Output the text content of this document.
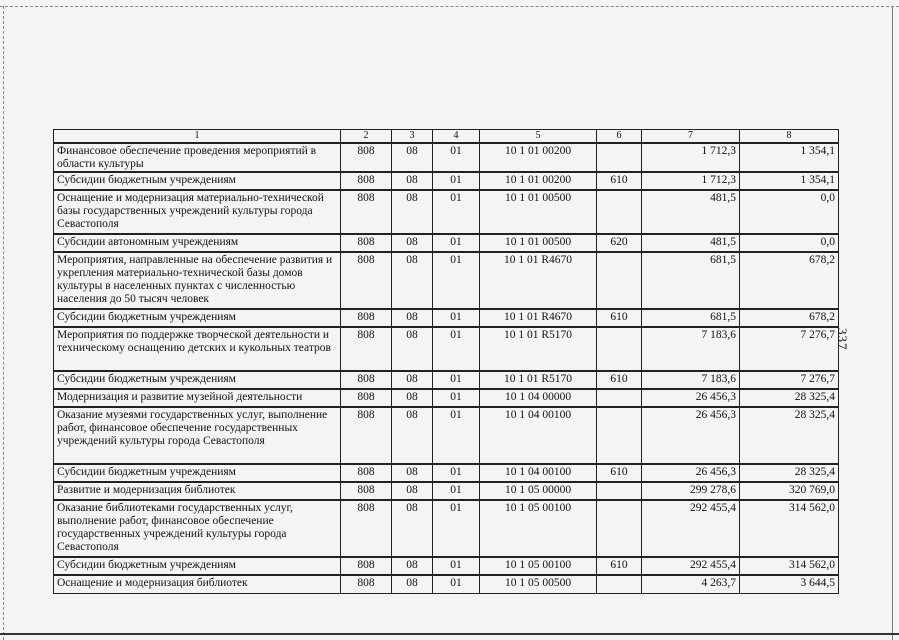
337
1	2	3	4	5	6	7	8
Финансовое обеспечение проведения мероприятий в области культуры	808	08	01	10 1 01 00200		1 712,3	1 354,1
Субсидии бюджетным учреждениям	808	08	01	10 1 01 00200	610	1 712,3	1 354,1
Оснащение и модернизация материально-технической базы государственных учреждений культуры города Севастополя	808	08	01	10 1 01 00500		481,5	0,0
Субсидии автономным учреждениям	808	08	01	10 1 01 00500	620	481,5	0,0
Мероприятия, направленные на обеспечение развития и укрепления материально-технической базы домов культуры в населенных пунктах с численностью населения до 50 тысяч человек	808	08	01	10 1 01 R4670		681,5	678,2
Субсидии бюджетным учреждениям	808	08	01	10 1 01 R4670	610	681,5	678,2
Мероприятия по поддержке творческой деятельности и техническому оснащению детских и кукольных театров	808	08	01	10 1 01 R5170		7 183,6	7 276,7
Субсидии бюджетным учреждениям	808	08	01	10 1 01 R5170	610	7 183,6	7 276,7
Модернизация и развитие музейной деятельности	808	08	01	10 1 04 00000		26 456,3	28 325,4
Оказание музеями государственных услуг, выполнение работ, финансовое обеспечение государственных учреждений культуры города Севастополя	808	08	01	10 1 04 00100		26 456,3	28 325,4
Субсидии бюджетным учреждениям	808	08	01	10 1 04 00100	610	26 456,3	28 325,4
Развитие и модернизация библиотек	808	08	01	10 1 05 00000		299 278,6	320 769,0
Оказание библиотеками государственных услуг, выполнение работ, финансовое обеспечение государственных учреждений культуры города Севастополя	808	08	01	10 1 05 00100		292 455,4	314 562,0
Субсидии бюджетным учреждениям	808	08	01	10 1 05 00100	610	292 455,4	314 562,0
Оснащение и модернизация библиотек	808	08	01	10 1 05 00500		4 263,7	3 644,5
